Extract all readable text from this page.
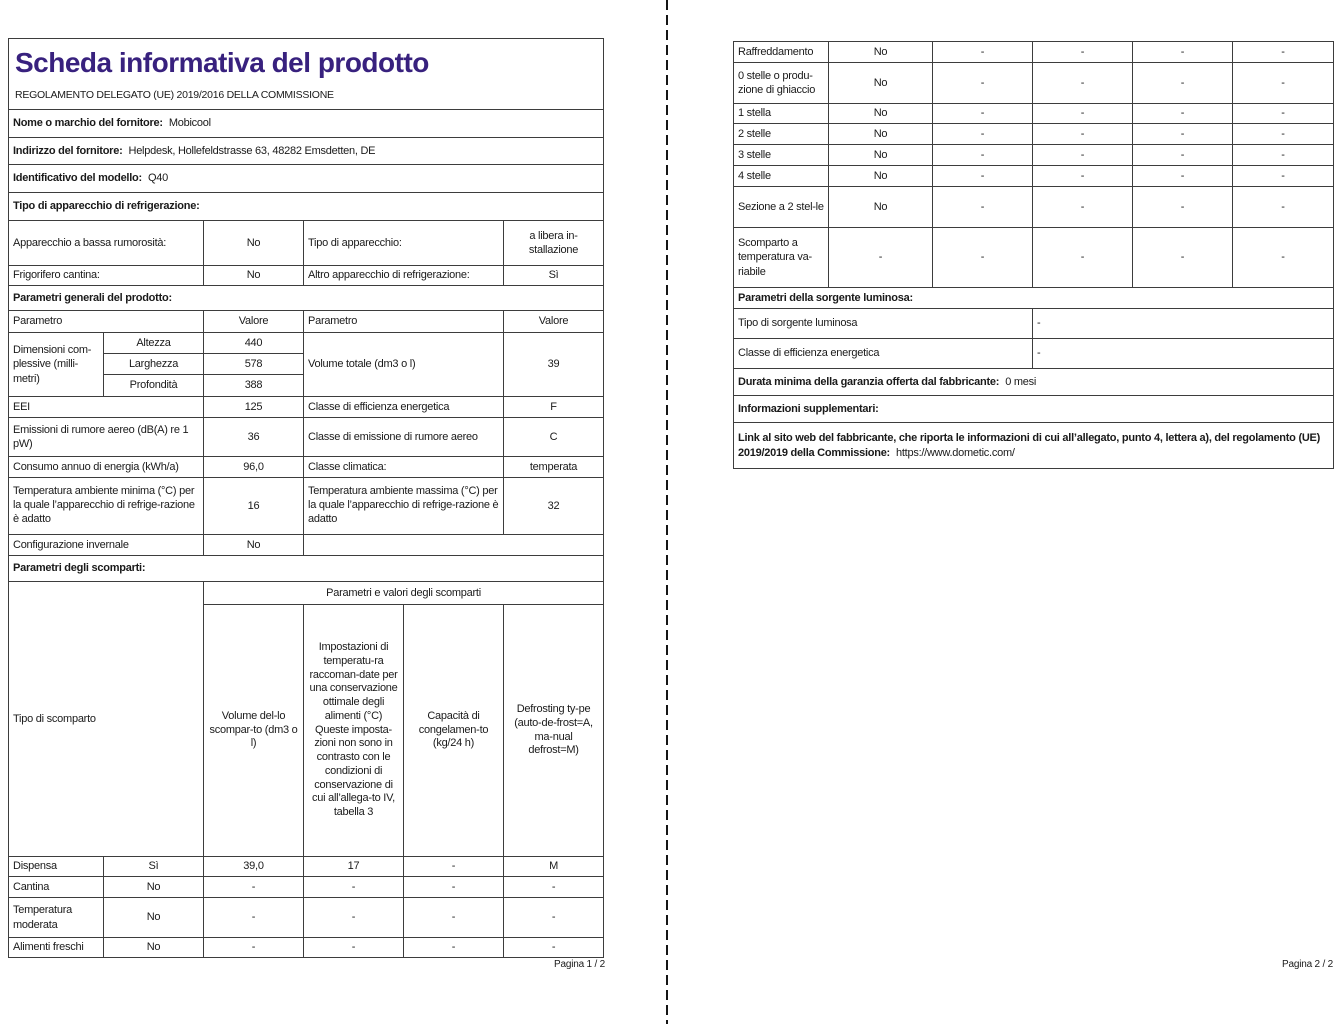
Scheda informativa del prodotto
REGOLAMENTO DELEGATO (UE) 2019/2016 DELLA COMMISSIONE

Nome o marchio del fornitore: Mobicool					
Indirizzo del fornitore: Helpdesk, Hollefeldstrasse 63, 48282 Emsdetten, DE					
Identificativo del modello: Q40					
Tipo di apparecchio di refrigerazione:					
Apparecchio a bassa rumorosità:		No	Tipo di apparecchio:		a libera in-stallazione
Frigorifero cantina:		No	Altro apparecchio di refrigerazione:		Sì
Parametri generali del prodotto:					
Parametro		Valore	Parametro		Valore
Dimensioni com-plessive (milli-metri)	Altezza	440	Volume totale (dm3 o l)		39
	Larghezza	578			
	Profondità	388			
EEI		125	Classe di efficienza energetica		F
Emissioni di rumore aereo (dB(A) re 1 pW)		36	Classe di emissione di rumore aereo		C
Consumo annuo di energia (kWh/a)		96,0	Classe climatica:		temperata
Temperatura ambiente minima (°C) per la quale l’apparecchio di refrige-razione è adatto		16	Temperatura ambiente massima (°C) per la quale l’apparecchio di refrige-razione è adatto		32
Configurazione invernale		No			
Parametri degli scomparti:					
Tipo di scomparto		Parametri e valori degli scomparti			
		Volume del-lo scompar-to (dm3 o l)	Impostazioni di temperatu-ra raccoman-date per una conservazione ottimale degli alimenti (°C) Queste imposta-zioni non sono in contrasto con le condizioni di conservazione di cui all’allega-to IV, tabella 3	Capacità di congelamen-to (kg/24 h)	Defrosting ty-pe (auto-de-frost=A, ma-nual defrost=M)
Dispensa	Sì	39,0	17	-	M
Cantina	No	-	-	-	-
Temperatura moderata	No	-	-	-	-
Alimenti freschi	No	-	-	-	-
Pagina 1 / 2
Raffreddamento	No	-	-	-	-
0 stelle o produ-zione di ghiaccio	No	-	-	-	-
1 stella	No	-	-	-	-
2 stelle	No	-	-	-	-
3 stelle	No	-	-	-	-
4 stelle	No	-	-	-	-
Sezione a 2 stel-le	No	-	-	-	-
Scomparto a temperatura va-riabile	-	-	-	-	-
Parametri della sorgente luminosa:					
Tipo di sorgente luminosa			-		
Classe di efficienza energetica			-		
Durata minima della garanzia offerta dal fabbricante: 0 mesi					
Informazioni supplementari:					
Link al sito web del fabbricante, che riporta le informazioni di cui all’allegato, punto 4, lettera a), del regolamento (UE) 2019/2019 della Commissione: https://www.dometic.com/					
Pagina 2 / 2
